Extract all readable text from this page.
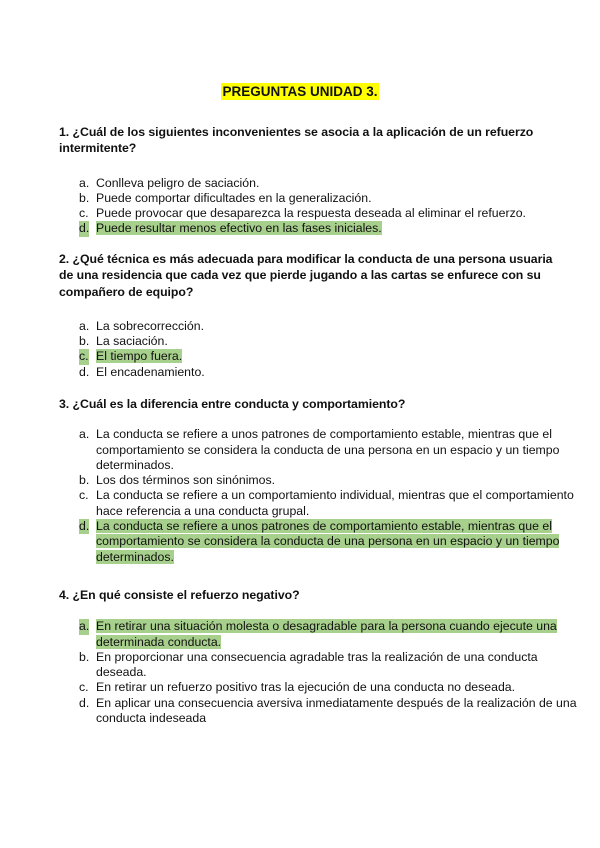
PREGUNTAS UNIDAD 3.

1. ¿Cuál de los siguientes inconvenientes se asocia a la aplicación de un refuerzo intermitente?

a. Conlleva peligro de saciación.
b. Puede comportar dificultades en la generalización.
c. Puede provocar que desaparezca la respuesta deseada al eliminar el refuerzo.
d. Puede resultar menos efectivo en las fases iniciales.

2. ¿Qué técnica es más adecuada para modificar la conducta de una persona usuaria de una residencia que cada vez que pierde jugando a las cartas se enfurece con su compañero de equipo?

a. La sobrecorrección.
b. La saciación.
c. El tiempo fuera.
d. El encadenamiento.

3. ¿Cuál es la diferencia entre conducta y comportamiento?

a. La conducta se refiere a unos patrones de comportamiento estable, mientras que el comportamiento se considera la conducta de una persona en un espacio y un tiempo determinados.
b. Los dos términos son sinónimos.
c. La conducta se refiere a un comportamiento individual, mientras que el comportamiento hace referencia a una conducta grupal.
d. La conducta se refiere a unos patrones de comportamiento estable, mientras que el comportamiento se considera la conducta de una persona en un espacio y un tiempo determinados.

4. ¿En qué consiste el refuerzo negativo?

a. En retirar una situación molesta o desagradable para la persona cuando ejecute una determinada conducta.
b. En proporcionar una consecuencia agradable tras la realización de una conducta deseada.
c. En retirar un refuerzo positivo tras la ejecución de una conducta no deseada.
d. En aplicar una consecuencia aversiva inmediatamente después de la realización de una conducta indeseada
